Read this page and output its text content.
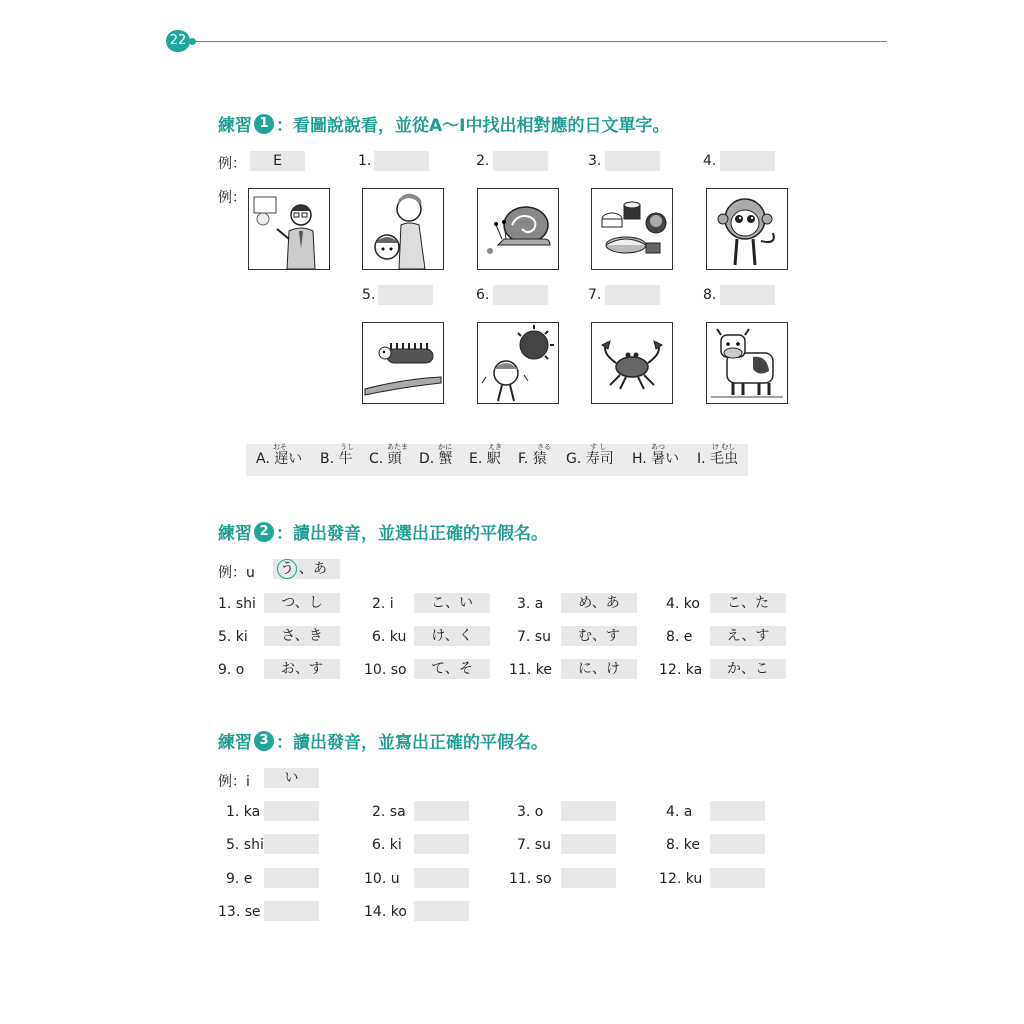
22
練習 1 ：看圖說說看，並從A～I中找出相對應的日文單字。
例：	E	1.	2.	3.	4.
例：
5.	6.	7.	8.
おそ
A. 遅い
うし
B. 牛
あたま
C. 頭
かに
D. 蟹
えき
E. 駅
さる
F. 猿
す し
G. 寿司
あつ
H. 暑い
け むし
I. 毛虫
練習 2 ：讀出發音，並選出正確的平假名。
例：u	う 、あ
1. shi	つ、し	2. i	こ、い	3. a	め、あ	4. ko	こ、た
5. ki	さ、き	6. ku	け、く	7. su	む、す	8. e	え、す
9. o	お、す	10. so	て、そ	11. ke	に、け	12. ka	か、こ
練習 3 ：讀出發音，並寫出正確的平假名。
例：i	い
1. ka	2. sa	3. o	4. a
5. shi	6. ki	7. su	8. ke
9. e	10. u	11. so	12. ku
13. se	14. ko
